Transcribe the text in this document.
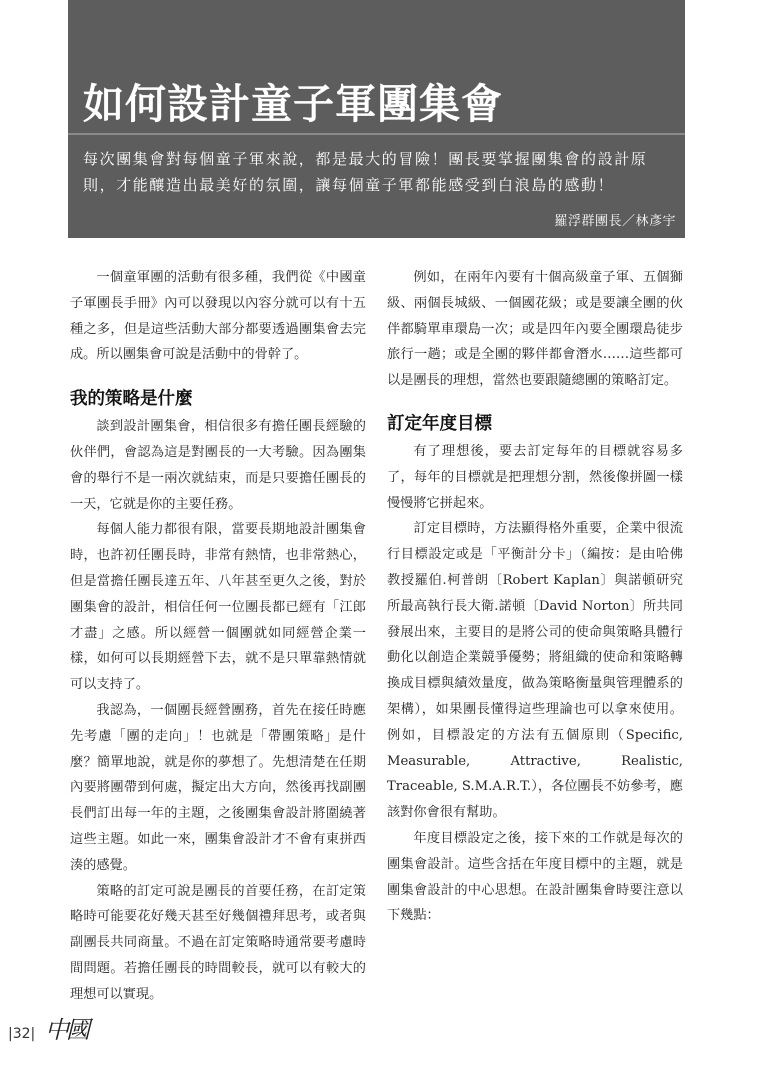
如何設計童子軍團集會
每次團集會對每個童子軍來說，都是最大的冒險！團長要掌握團集會的設計原
則，才能釀造出最美好的氛圍，讓每個童子軍都能感受到白浪島的感動！
羅浮群團長／林彥宇

一個童軍團的活動有很多種，我們從《中國童子軍團長手冊》內可以發現以內容分就可以有十五種之多，但是這些活動大部分都要透過團集會去完成。所以團集會可說是活動中的骨幹了。

我的策略是什麼

談到設計團集會，相信很多有擔任團長經驗的伙伴們，會認為這是對團長的一大考驗。因為團集會的舉行不是一兩次就結束，而是只要擔任團長的一天，它就是你的主要任務。

每個人能力都很有限，當要長期地設計團集會時，也許初任團長時，非常有熱情，也非常熱心，但是當擔任團長達五年、八年甚至更久之後，對於團集會的設計，相信任何一位團長都已經有「江郎才盡」之感。所以經營一個團就如同經營企業一樣，如何可以長期經營下去，就不是只單靠熱情就可以支持了。

我認為，一個團長經營團務，首先在接任時應先考慮「團的走向」！也就是「帶團策略」是什麼？簡單地說，就是你的夢想了。先想清楚在任期內要將團帶到何處，擬定出大方向，然後再找副團長們訂出每一年的主題，之後團集會設計將圍繞著這些主題。如此一來，團集會設計才不會有東拼西湊的感覺。

策略的訂定可說是團長的首要任務，在訂定策略時可能要花好幾天甚至好幾個禮拜思考，或者與副團長共同商量。不過在訂定策略時通常要考慮時間問題。若擔任團長的時間較長，就可以有較大的理想可以實現。

例如，在兩年內要有十個高級童子軍、五個獅級、兩個長城級、一個國花級；或是要讓全團的伙伴都騎單車環島一次；或是四年內要全團環島徒步旅行一趟；或是全團的夥伴都會潛水……這些都可以是團長的理想，當然也要跟隨總團的策略訂定。

訂定年度目標

有了理想後，要去訂定每年的目標就容易多了，每年的目標就是把理想分割，然後像拼圖一樣慢慢將它拼起來。

訂定目標時，方法顯得格外重要，企業中很流行目標設定或是「平衡計分卡」（編按：是由哈佛教授羅伯.柯普朗〔Robert Kaplan〕與諾頓研究所最高執行長大衛.諾頓〔David Norton〕所共同發展出來，主要目的是將公司的使命與策略具體行動化以創造企業競爭優勢；將組織的使命和策略轉換成目標與績效量度，做為策略衡量與管理體系的架構），如果團長懂得這些理論也可以拿來使用。例如，目標設定的方法有五個原則（Specific, Measurable, Attractive, Realistic, Traceable, S.M.A.R.T.），各位團長不妨參考，應該對你會很有幫助。

年度目標設定之後，接下來的工作就是每次的團集會設計。這些含括在年度目標中的主題，就是團集會設計的中心思想。在設計團集會時要注意以下幾點：

|32| 中國
